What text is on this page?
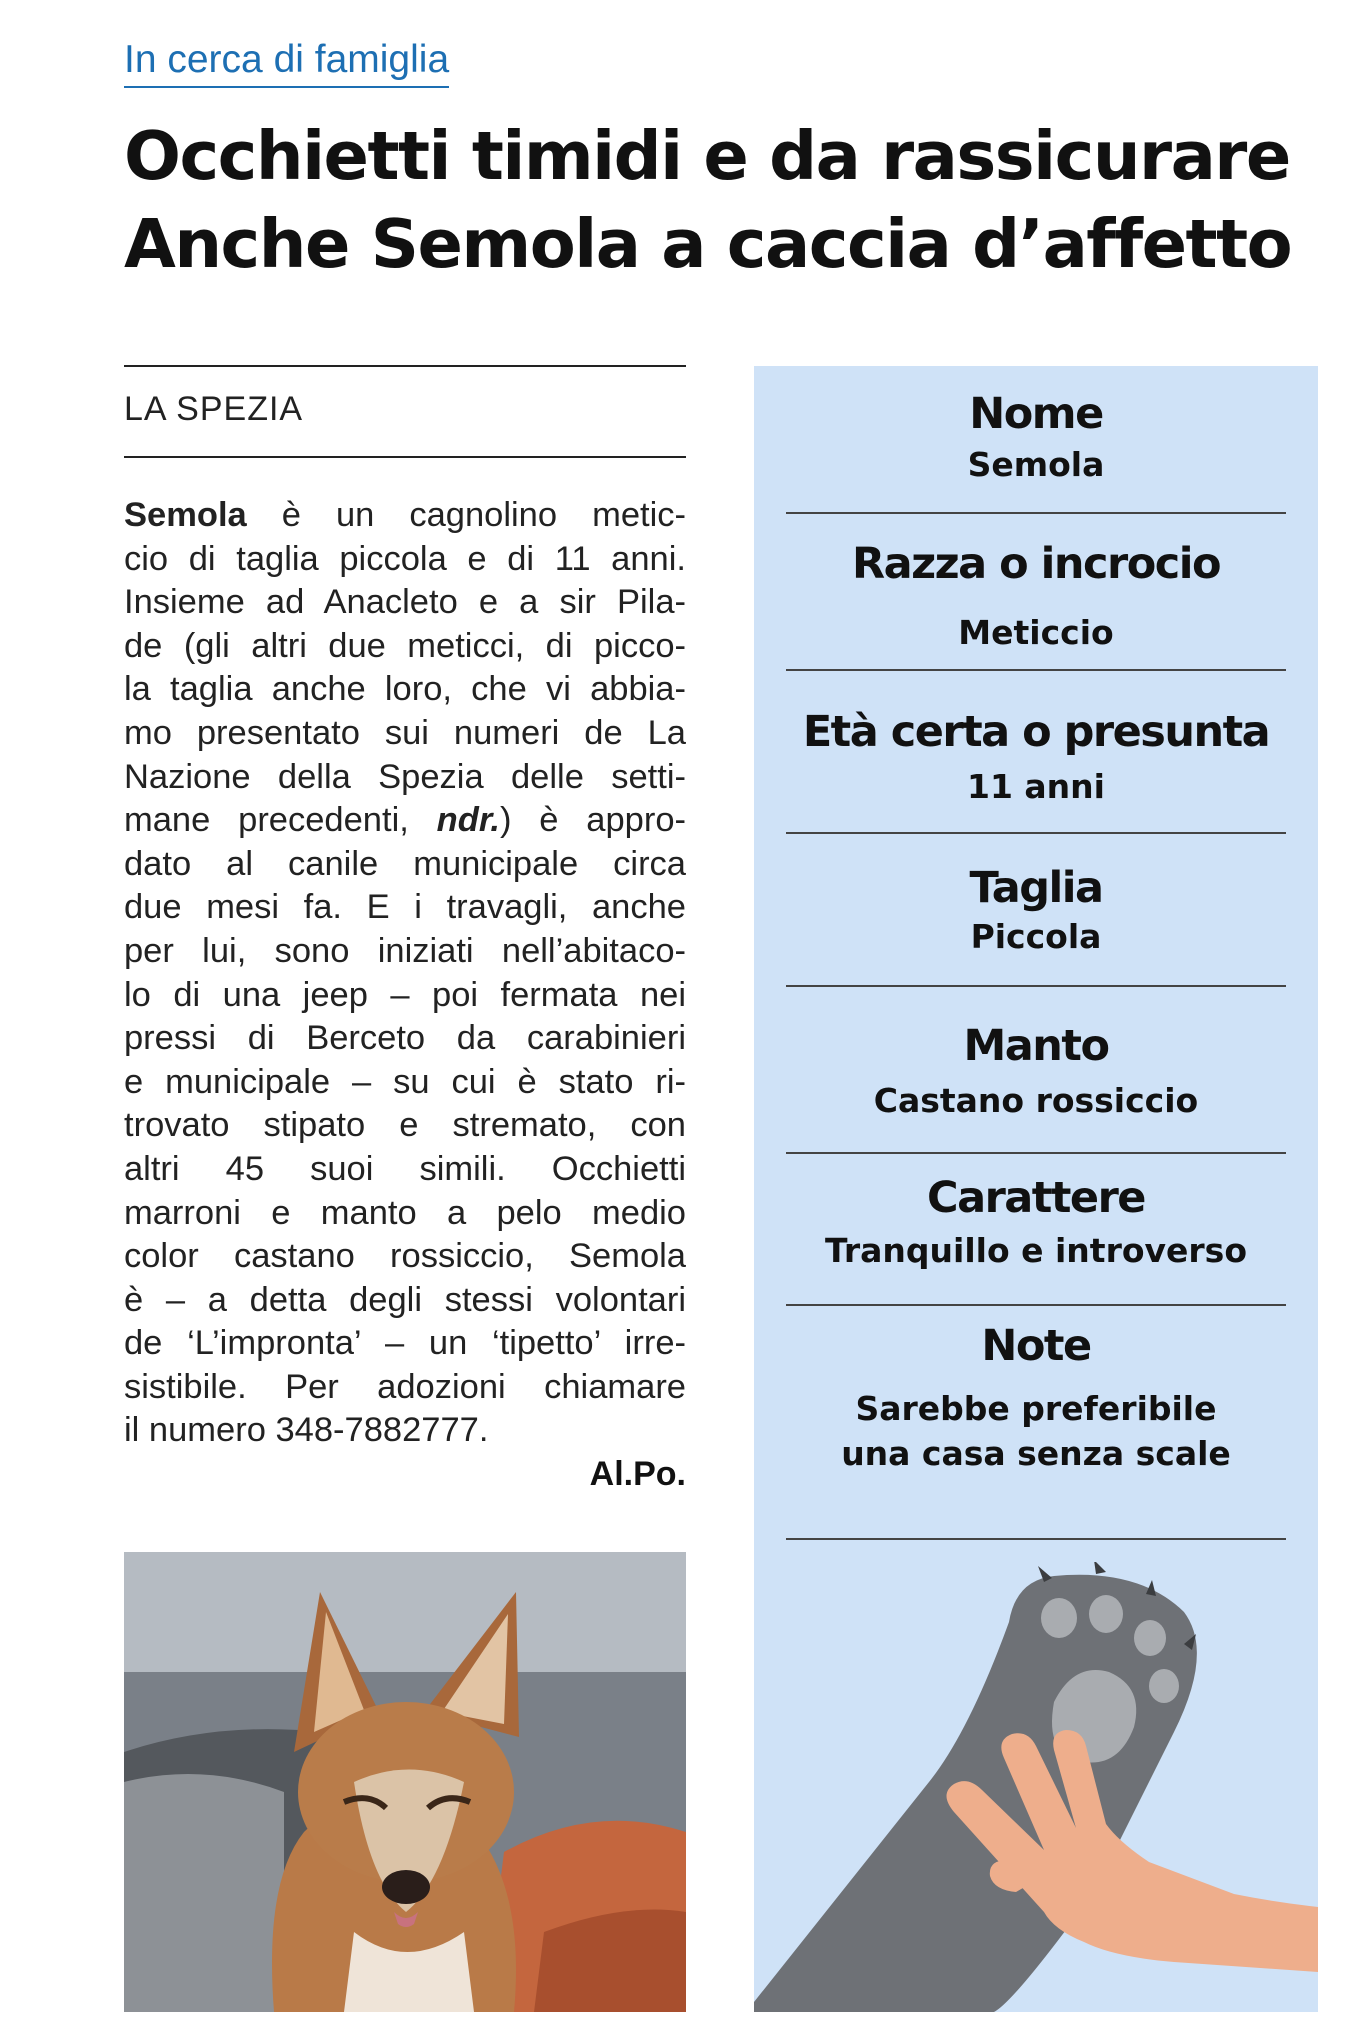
In cerca di famiglia
Occhietti timidi e da rassicurare
Anche Semola a caccia d’affetto
LA SPEZIA
Semola è un cagnolino metic-
cio di taglia piccola e di 11 anni.
Insieme ad Anacleto e a sir Pila-
de (gli altri due meticci, di picco-
la taglia anche loro, che vi abbia-
mo presentato sui numeri de La
Nazione della Spezia delle setti-
mane precedenti, ndr.) è appro-
dato al canile municipale circa
due mesi fa. E i travagli, anche
per lui, sono iniziati nell’abitaco-
lo di una jeep – poi fermata nei
pressi di Berceto da carabinieri
e municipale – su cui è stato ri-
trovato stipato e stremato, con
altri 45 suoi simili. Occhietti
marroni e manto a pelo medio
color castano rossiccio, Semola
è – a detta degli stessi volontari
de ‘L’impronta’ – un ‘tipetto’ irre-
sistibile. Per adozioni chiamare
il numero 348-7882777.
Al.Po.
Nome
Semola
Razza o incrocio
Meticcio
Età certa o presunta
11 anni
Taglia
Piccola
Manto
Castano rossiccio
Carattere
Tranquillo e introverso
Note
Sarebbe preferibile
una casa senza scale
